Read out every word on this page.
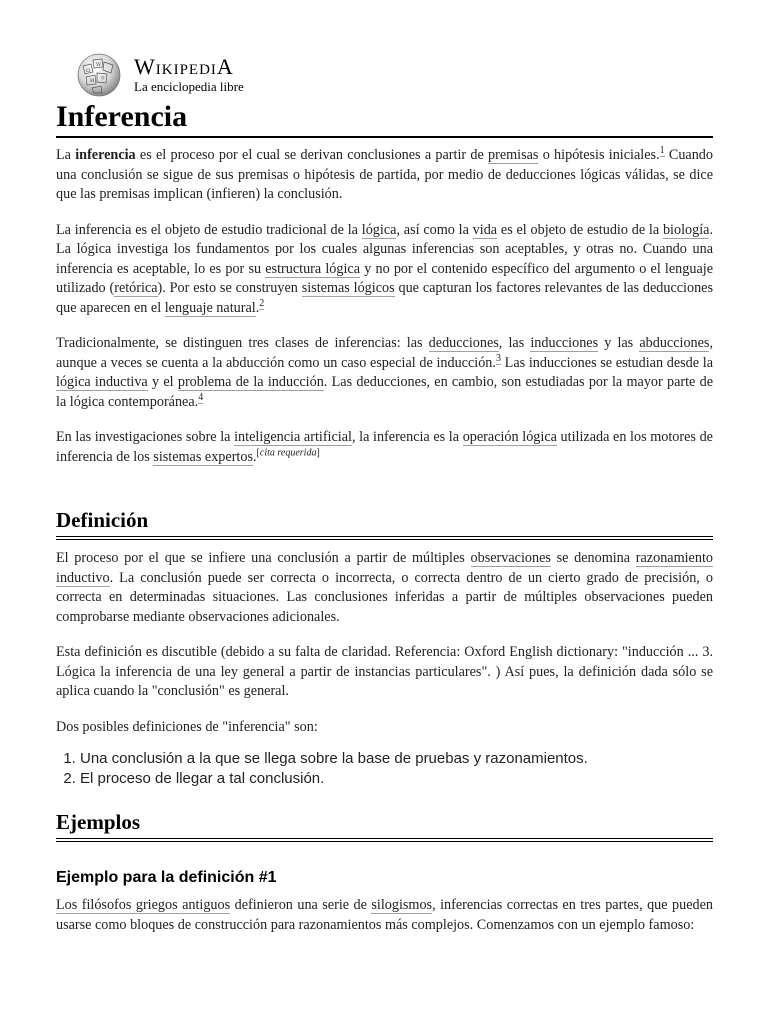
Ω
W
И ウ WikipediA
La enciclopedia libre
Inferencia

La inferencia es el proceso por el cual se derivan conclusiones a partir de premisas o hipótesis iniciales.$^1$ Cuando una conclusión se sigue de sus premisas o hipótesis de partida, por medio de deducciones lógicas válidas, se dice que las premisas implican (infieren) la conclusión.

La inferencia es el objeto de estudio tradicional de la lógica, así como la vida es el objeto de estudio de la biología. La lógica investiga los fundamentos por los cuales algunas inferencias son aceptables, y otras no. Cuando una inferencia es aceptable, lo es por su estructura lógica y no por el contenido específico del argumento o el lenguaje utilizado (retórica). Por esto se construyen sistemas lógicos que capturan los factores relevantes de las deducciones que aparecen en el lenguaje natural.$^2$

Tradicionalmente, se distinguen tres clases de inferencias: las deducciones, las inducciones y las abducciones, aunque a veces se cuenta a la abducción como un caso especial de inducción.$^3$ Las inducciones se estudian desde la lógica inductiva y el problema de la inducción. Las deducciones, en cambio, son estudiadas por la mayor parte de la lógica contemporánea.$^4$

En las investigaciones sobre la inteligencia artificial, la inferencia es la operación lógica utilizada en los motores de inferencia de los sistemas expertos.[cita requerida]

Definición

El proceso por el que se infiere una conclusión a partir de múltiples observaciones se denomina razonamiento inductivo. La conclusión puede ser correcta o incorrecta, o correcta dentro de un cierto grado de precisión, o correcta en determinadas situaciones. Las conclusiones inferidas a partir de múltiples observaciones pueden comprobarse mediante observaciones adicionales.

Esta definición es discutible (debido a su falta de claridad. Referencia: Oxford English dictionary: "inducción ... 3. Lógica la inferencia de una ley general a partir de instancias particulares". ) Así pues, la definición dada sólo se aplica cuando la "conclusión" es general.

Dos posibles definiciones de "inferencia" son:

1. Una conclusión a la que se llega sobre la base de pruebas y razonamientos.
2. El proceso de llegar a tal conclusión.
Ejemplos
Ejemplo para la definición #1

Los filósofos griegos antiguos definieron una serie de silogismos, inferencias correctas en tres partes, que pueden usarse como bloques de construcción para razonamientos más complejos. Comenzamos con un ejemplo famoso:
